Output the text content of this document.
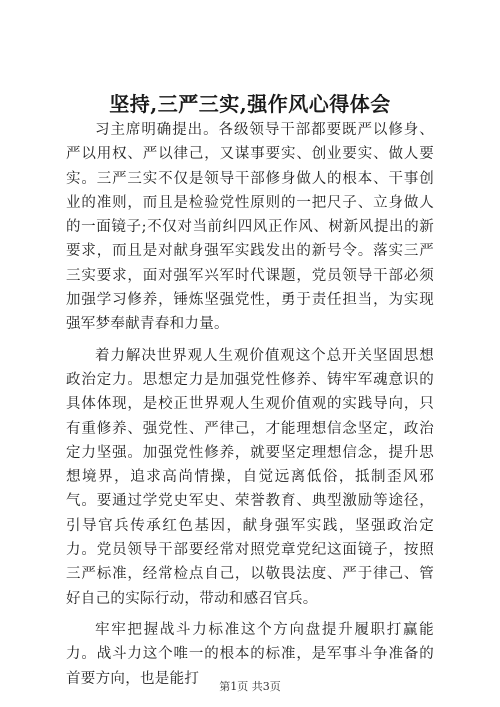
坚持,三严三实,强作风心得体会

习主席明确提出。各级领导干部都要既严以修身、严以用权、严以律己，又谋事要实、创业要实、做人要实。三严三实不仅是领导干部修身做人的根本、干事创业的准则，而且是检验党性原则的一把尺子、立身做人的一面镜子;不仅对当前纠四风正作风、树新风提出的新要求，而且是对献身强军实践发出的新号令。落实三严三实要求，面对强军兴军时代课题，党员领导干部必须加强学习修养，锤炼坚强党性，勇于责任担当，为实现强军梦奉献青春和力量。

着力解决世界观人生观价值观这个总开关坚固思想政治定力。思想定力是加强党性修养、铸牢军魂意识的具体体现，是校正世界观人生观价值观的实践导向，只有重修养、强党性、严律己，才能理想信念坚定，政治定力坚强。加强党性修养，就要坚定理想信念，提升思想境界，追求高尚情操，自觉远离低俗，抵制歪风邪气。要通过学党史军史、荣誉教育、典型激励等途径，引导官兵传承红色基因，献身强军实践，坚强政治定力。党员领导干部要经常对照党章党纪这面镜子，按照三严标准，经常检点自己，以敬畏法度、严于律己、管好自己的实际行动，带动和感召官兵。

牢牢把握战斗力标准这个方向盘提升履职打赢能力。战斗力这个唯一的根本的标准，是军事斗争准备的首要方向，也是能打	第1页 共3页
